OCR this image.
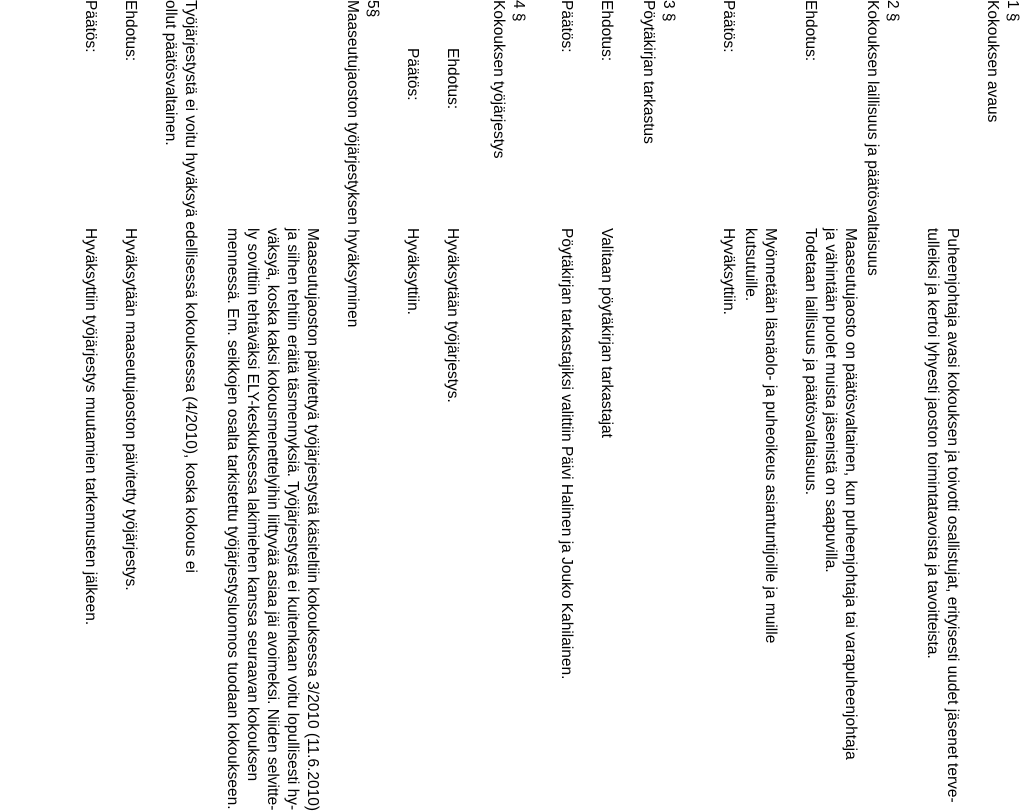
1 §
Kokouksen avaus
Puheenjohtaja avasi kokouksen ja toivotti osallistujat, erityisesti uudet jäsenet terve-
tulleiksi ja kertoi lyhyesti jaoston toimintatavoista ja tavoitteista.
2 §
Kokouksen laillisuus ja päätösvaltaisuus
Maaseutujaosto on päätösvaltainen, kun puheenjohtaja tai varapuheenjohtaja
ja vähintään puolet muista jäsenistä on saapuvilla.
Ehdotus:
Todetaan laillisuus ja päätösvaltaisuus.
Myönnetään läsnäolo- ja puheoikeus asiantuntijoille ja muille
kutsutuille.
Päätös:
Hyväksyttiin.
3 §
Pöytäkirjan tarkastus
Ehdotus:
Valitaan pöytäkirjan tarkastajat
Päätös:
Pöytäkirjan tarkastajiksi valittiin Päivi Halinen ja Jouko Kahilainen.
4 §
Kokouksen työjärjestys
Ehdotus:
Hyväksytään työjärjestys.
Päätös:
Hyväksyttiin.
5§
Maaseutujaoston työjärjestyksen hyväksyminen
Maaseutujaoston päivitettyä työjärjestystä käsiteltiin kokouksessa 3/2010 (11.6.2010)
ja siihen tehtiin eräitä täsmennyksiä. Työjärjestystä ei kuitenkaan voitu lopullisesti hy-
väksyä, koska kaksi kokousmenettelyihin liittyvää asiaa jäi avoimeksi. Niiden selvitte-
ly sovittiin tehtäväksi ELY-keskuksessa lakimiehen kanssa seuraavan kokouksen
mennessä. Em. seikkojen osalta tarkistettu työjärjestysluonnos tuodaan kokoukseen.
Työjärjestystä ei voitu hyväksyä edellisessä kokouksessa (4/2010), koska kokous ei
ollut päätösvaltainen.
Ehdotus:
Hyväksytään maaseutujaoston päivitetty työjärjestys.
Päätös:
Hyväksyttiin työjärjestys muutamien tarkennusten jälkeen.
